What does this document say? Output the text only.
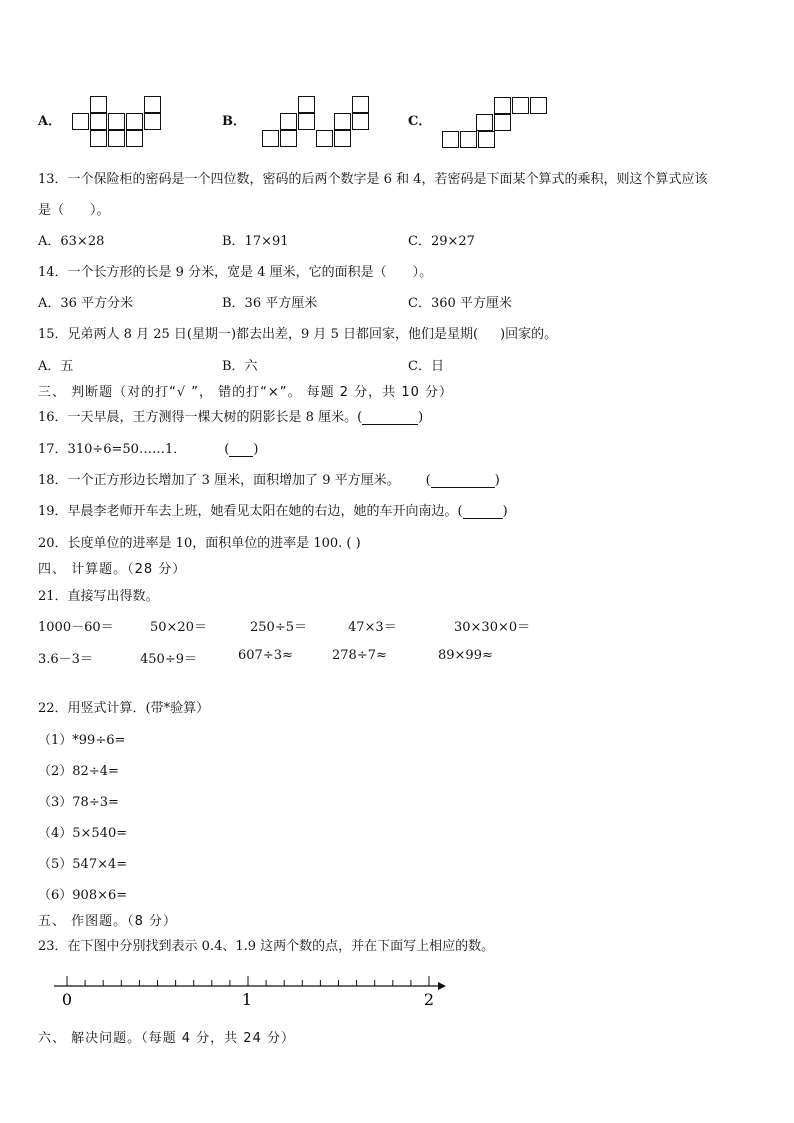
A．	B．	C．
13．一个保险柜的密码是一个四位数，密码的后两个数字是 6 和 4，若密码是下面某个算式的乘积，则这个算式应该
是（　　）。
A．63×28	B．17×91	C．29×27
14．一个长方形的长是 9 分米，宽是 4 厘米，它的面积是（　　）。
A．36 平方分米	B．36 平方厘米	C．360 平方厘米
15．兄弟两人 8 月 25 日(星期一)都去出差，9 月 5 日都回家，他们是星期( )回家的。
A．五	B．六	C．日
三、 判断题（对的打“√ ”， 错的打“×”。 每题 2 分，共 10 分）
16．一天早晨，王方测得一棵大树的阴影长是 8 厘米。(	)
17．310÷6=50……1．	( )
18．一个正方形边长增加了 3 厘米，面积增加了 9 平方厘米。 (	)
19．早晨李老师开车去上班，她看见太阳在她的右边，她的车开向南边。(	)
20．长度单位的进率是 10，面积单位的进率是 100. ( )
四、 计算题。（28 分）
21．直接写出得数。
1000－60＝	50×20＝	250÷5＝	47×3＝	30×30×0＝
3.6－3＝	450÷9＝	607÷3≈	278÷7≈	89×99≈
22．用竖式计算．(带*验算）
（1）*99÷6=
（2）82÷4=
（3）78÷3=
（4）5×540=
（5）547×4=
（6）908×6=
五、 作图题。（8 分）
23．在下图中分别找到表示 0.4、1.9 这两个数的点，并在下面写上相应的数。
0	1	2
六、 解决问题。（每题 4 分，共 24 分）
